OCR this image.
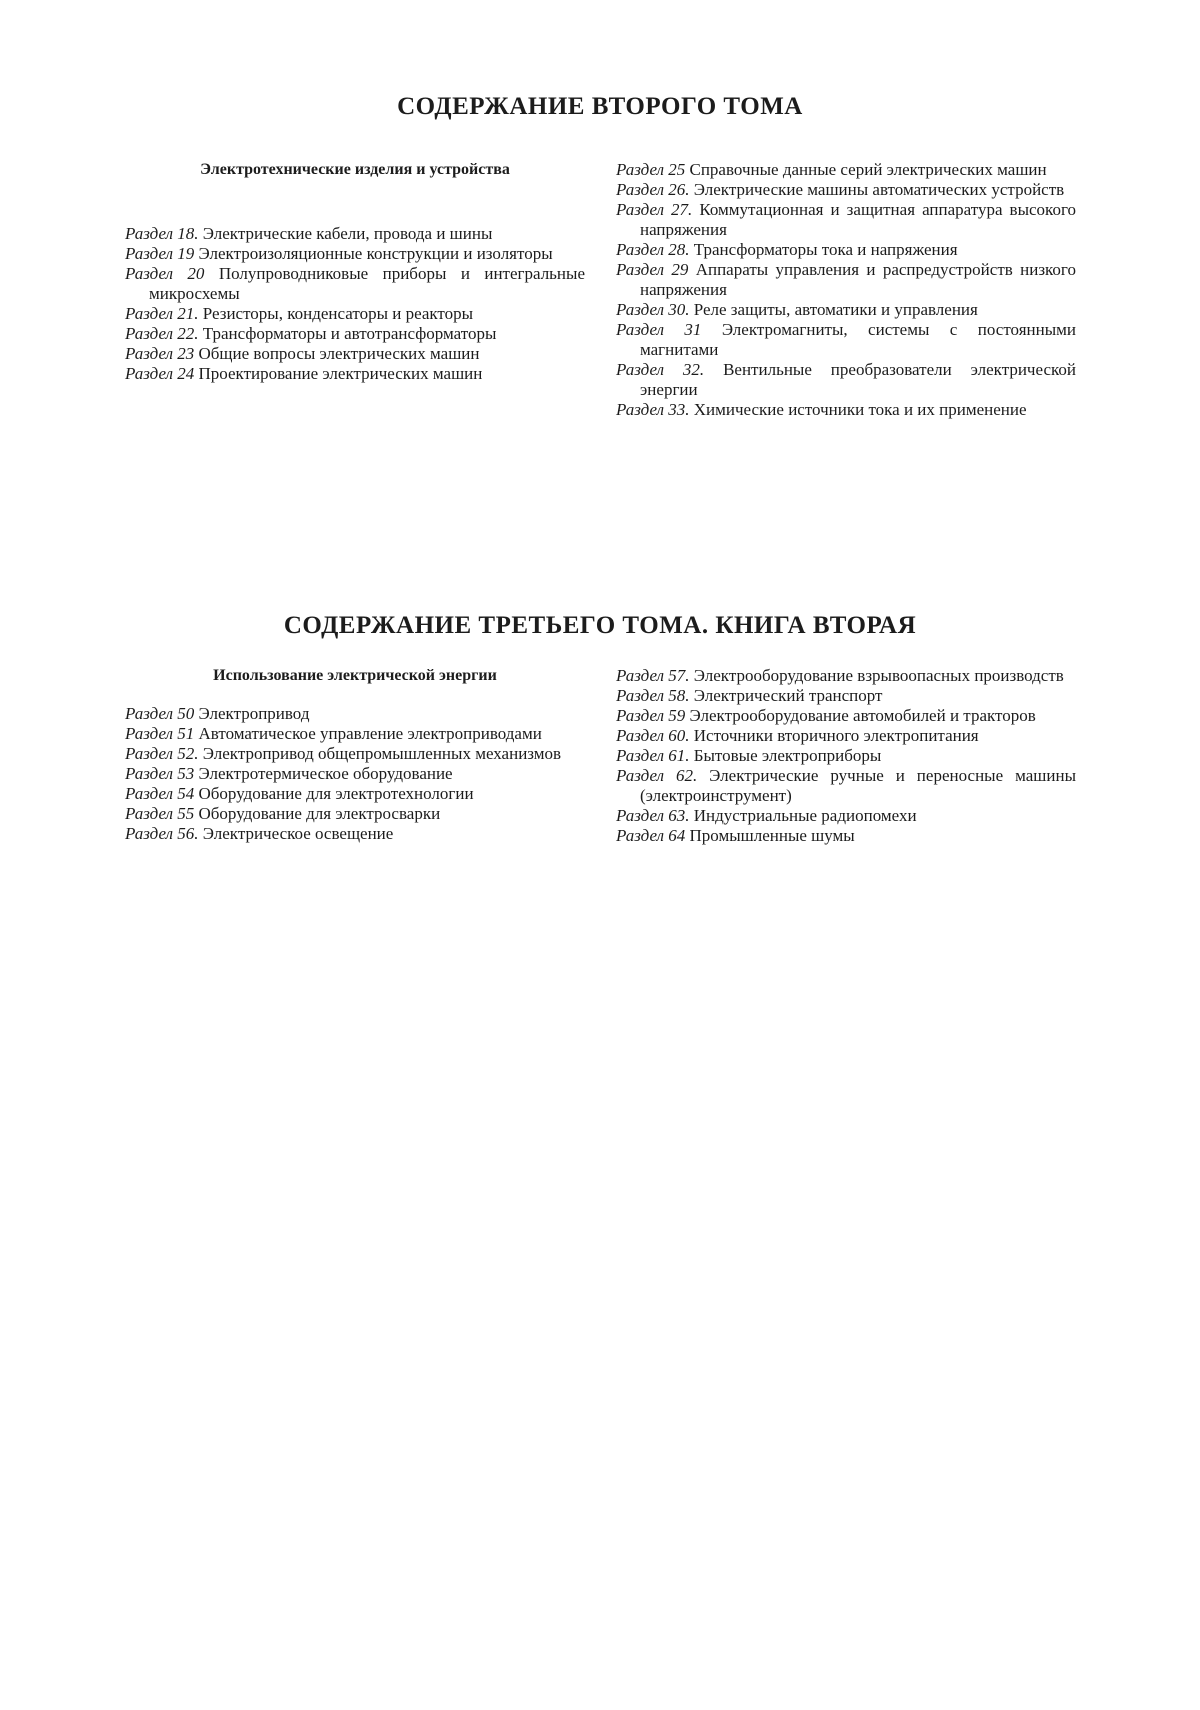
СОДЕРЖАНИЕ ВТОРОГО ТОМА

Электротехнические изделия и устройства

Раздел 18. Электрические кабели, провода и шины

Раздел 19 Электроизоляционные конструкции и изоляторы

Раздел 20 Полупроводниковые приборы и интегральные микросхемы

Раздел 21. Резисторы, конденсаторы и реакторы

Раздел 22. Трансформаторы и автотрансформаторы

Раздел 23 Общие вопросы электрических машин

Раздел 24 Проектирование электрических машин

Раздел 25 Справочные данные серий электрических машин

Раздел 26. Электрические машины автоматических устройств

Раздел 27. Коммутационная и защитная аппаратура высокого напряжения

Раздел 28. Трансформаторы тока и напряжения

Раздел 29 Аппараты управления и распредустройств низкого напряжения

Раздел 30. Реле защиты, автоматики и управления

Раздел 31 Электромагниты, системы с постоянными магнитами

Раздел 32. Вентильные преобразователи электрической энергии

Раздел 33. Химические источники тока и их применение

СОДЕРЖАНИЕ ТРЕТЬЕГО ТОМА. КНИГА ВТОРАЯ

Использование электрической энергии

Раздел 50 Электропривод

Раздел 51 Автоматическое управление электроприводами

Раздел 52. Электропривод общепромышленных механизмов

Раздел 53 Электротермическое оборудование

Раздел 54 Оборудование для электротехнологии

Раздел 55 Оборудование для электросварки

Раздел 56. Электрическое освещение

Раздел 57. Электрооборудование взрывоопасных производств

Раздел 58. Электрический транспорт

Раздел 59 Электрооборудование автомобилей и тракторов

Раздел 60. Источники вторичного электропитания

Раздел 61. Бытовые электроприборы

Раздел 62. Электрические ручные и переносные машины (электроинструмент)

Раздел 63. Индустриальные радиопомехи

Раздел 64 Промышленные шумы
